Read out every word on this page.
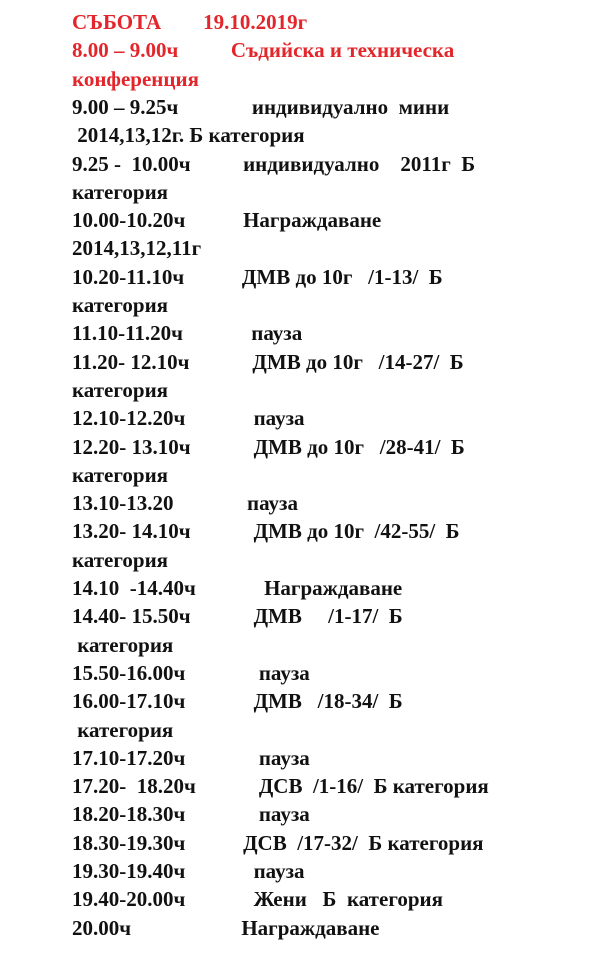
СЪБОТА        19.10.2019г
8.00 – 9.00ч          Съдийска и техническа
конференция
9.00 – 9.25ч              индивидуално  мини
2014,13,12г. Б категория
9.25 -  10.00ч          индивидуално    2011г  Б
категория
10.00-10.20ч           Награждаване
2014,13,12,11г
10.20-11.10ч           ДМВ до 10г   /1-13/  Б
категория
11.10-11.20ч             пауза
11.20- 12.10ч            ДМВ до 10г   /14-27/  Б
категория
12.10-12.20ч             пауза
12.20- 13.10ч            ДМВ до 10г   /28-41/  Б
категория
13.10-13.20              пауза
13.20- 14.10ч            ДМВ до 10г  /42-55/  Б
категория
14.10  -14.40ч             Награждаване
14.40- 15.50ч            ДМВ     /1-17/  Б
категория
15.50-16.00ч              пауза
16.00-17.10ч             ДМВ   /18-34/  Б
категория
17.10-17.20ч              пауза
17.20-  18.20ч            ДСВ  /1-16/  Б категория
18.20-18.30ч              пауза
18.30-19.30ч           ДСВ  /17-32/  Б категория
19.30-19.40ч             пауза
19.40-20.00ч             Жени   Б  категория
20.00ч                     Награждаване
